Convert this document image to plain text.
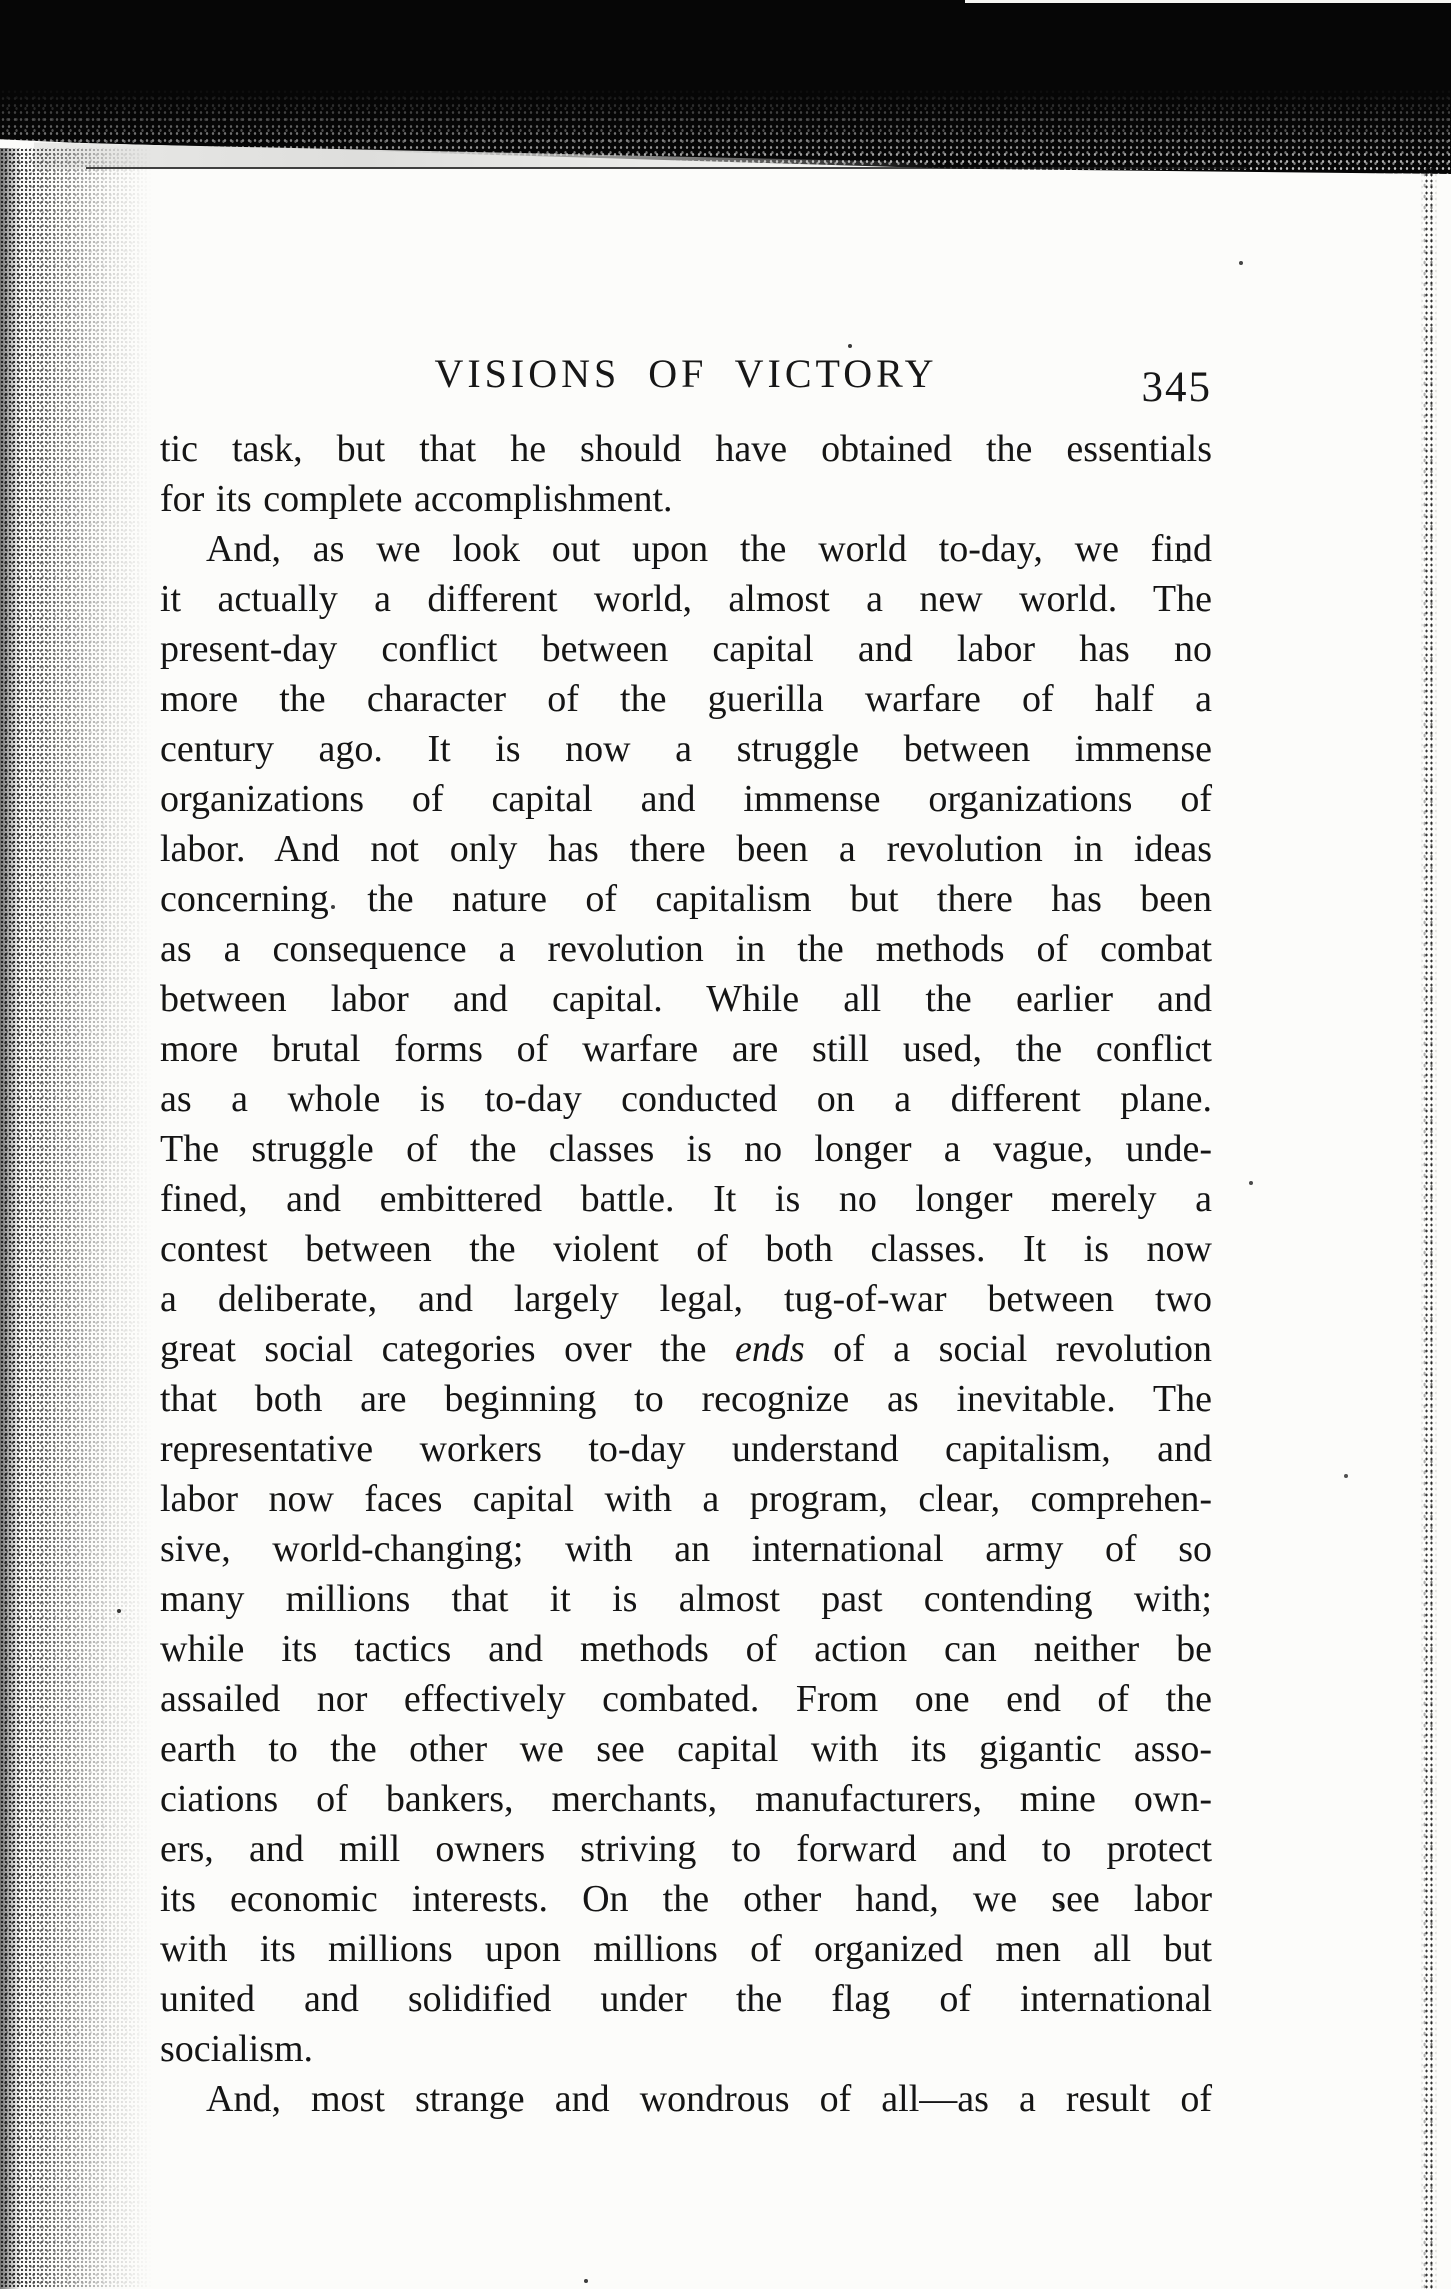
VISIONS OF VICTORY	345
tic task, but that he should have obtained the essentials
for its complete accomplishment.
And, as we look out upon the world to-day, we find
it actually a different world, almost a new world. The
present-day conflict between capital and labor has no
more the character of the guerilla warfare of half a
century ago. It is now a struggle between immense
organizations of capital and immense organizations of
labor. And not only has there been a revolution in ideas
concerning the nature of capitalism but there has been
as a consequence a revolution in the methods of combat
between labor and capital. While all the earlier and
more brutal forms of warfare are still used, the conflict
as a whole is to-day conducted on a different plane.
The struggle of the classes is no longer a vague, unde-
fined, and embittered battle. It is no longer merely a
contest between the violent of both classes. It is now
a deliberate, and largely legal, tug-of-war between two
great social categories over the ends of a social revolution
that both are beginning to recognize as inevitable. The
representative workers to-day understand capitalism, and
labor now faces capital with a program, clear, comprehen-
sive, world-changing; with an international army of so
many millions that it is almost past contending with;
while its tactics and methods of action can neither be
assailed nor effectively combated. From one end of the
earth to the other we see capital with its gigantic asso-
ciations of bankers, merchants, manufacturers, mine own-
ers, and mill owners striving to forward and to protect
its economic interests. On the other hand, we see labor
with its millions upon millions of organized men all but
united and solidified under the flag of international
socialism.
And, most strange and wondrous of all—as a result of
